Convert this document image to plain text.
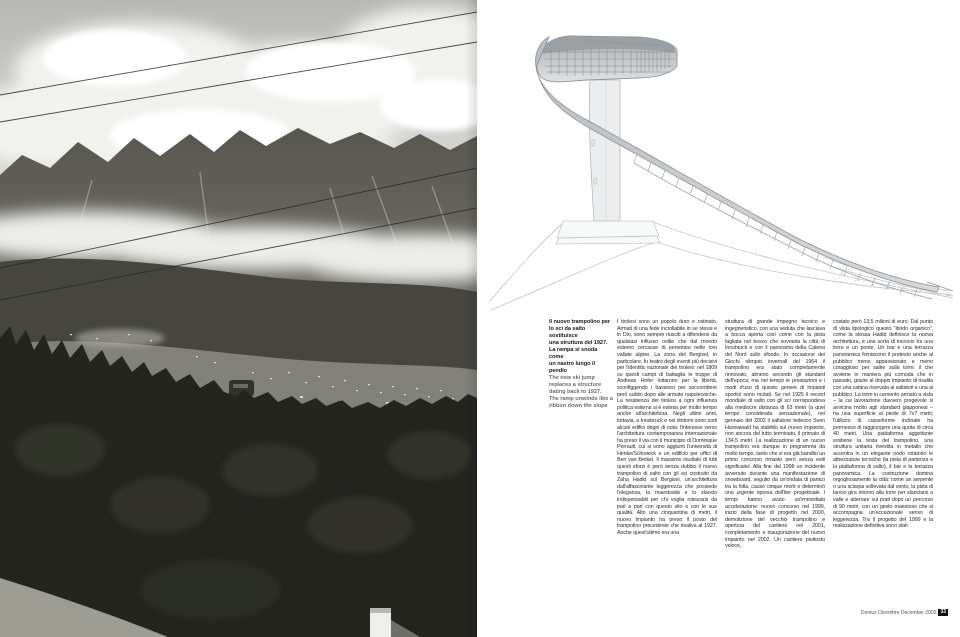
Il nuovo trampolino per
lo sci da salto sostituisce
una struttura del 1927.
La rampa si snoda come
un nastro lungo il pendio
The new ski jump
replaces a structure
dating back to 1927.
The ramp unwinds like a
ribbon down the slope
I tirolesi sono un popolo duro e ostinato. Armati di una fede incrollabile in se stessi e in Dio, sono sempre riusciti a difendersi da qualsiasi influsso ostile che dal mondo esterno cercasse di penetrare nelle loro vallate alpine. La zona del Bergisel, in particolare, fu teatro degli eventi più decisivi per l'identità nazionale dei tirolesi: nel 1809 su questi campi di battaglia le truppe di Andreas Hofer lottarono per la libertà, sconfiggendo i bavaresi per soccombere però subito dopo alle armate napoleoniche. La resistenza dei tirolesi a ogni influenza politica esterna si è estesa per molto tempo anche all'architettura. Negli ultimi anni, tuttavia, a Innsbruck e nei dintorni sono sorti alcuni edifici degni di nota: l'interesse verso l'architettura contemporanea internazionale ha preso il via con il municipio di Dominique Perrault, cui si sono aggiunti l'università di Henke/Schreieck e un edificio per uffici di Ben van Berkel. Il massimo risultato di tutti questi sforzi è però senza dubbio il nuovo trampolino di salto con gli sci costruito da Zaha Hadid sul Bergisel, un'architettura dall'affascinante leggerezza che possiede l'eleganza, la maestosità e lo slancio indispensabili per chi voglia misurarsi da pari a pari con questo sito e con le sue qualità. Alto una cinquantina di metri, il nuovo impianto ha preso il posto del trampolino precedente che risaliva al 1927. Anche quest'ultimo era una
struttura di grande impegno tecnico e ingegneristico, con una veduta che lasciava a bocca aperta così come con la pista tagliata nel bosco che sovrasta la città di Innsbruck e con il panorama della Catena del Nord sullo sfondo. In occasione dei Giochi olimpici invernali del 1964 il trampolino era stato completamente rinnovato, almeno secondo gli standard dell'epoca; ma nel tempo le prestazioni e i modi d'uso di questo genere di impianti sportivi sono mutati. Se nel 1925 il record mondiale di salto con gli sci corrispondeva alla mediocre distanza di 63 metri (a quel tempo considerata sensazionale), nel gennaio del 2002 il saltatore tedesco Sven Hannawald ha stabilito sul nuovo impianto, non ancora del tutto terminato, il primato di 134,5 metri. La realizzazione di un nuovo trampolino era dunque in programma da molto tempo, tanto che si era già bandito un primo concorso rimasto però senza esiti significativi. Alla fine del 1998 un incidente avvenuto durante una manifestazione di snowboard, seguito da un'ondata di panico tra la folla, causò cinque morti e determinò una urgente ripresa dell'iter progettuale. I tempi hanno avuto un'immediata accelerazione: nuovo concorso nel 1999, inizio della fase di progetto nel 2000, demolizione del vecchio trampolino e apertura del cantiere nel 2001, completamento e inaugurazione del nuovo impianto nel 2002. Un cantiere piuttosto veloce,
costato però 13,5 milioni di euro. Dal punto di vista tipologico questo “ibrido organico”, come la stessa Hadid definisce la nuova architettura, è una sorta di incrocio tra una torre e un ponte. Un bar e una terrazza panoramica forniscono il pretesto anche al pubblico meno appassionato e meno coraggioso per salire sulla torre: il che avviene in maniera più comoda che in passato, grazie al doppio impianto di risalita con una cabina riservata ai saltatori e una al pubblico. La torre in cemento armato a vista – la cui lavorazione davvero pregevole si avvicina molto agli standard giapponesi – ha una superficie al piede di 7x7 metri; l'utilizzo di casseforme inclinate ha permesso di raggiungere una quota di circa 40 metri. Una piattaforma aggettante sostiene la testa del trampolino, una struttura unitaria rivestita in metallo che accentra in un elegante nodo rotatorio le attrezzature tecniche (la pista di partenza e la piattaforma di salto), il bar e la terrazza panoramica. La costruzione domina orgogliosamente la città: come un serpente o una sciarpa sollevata dal vento, la pista di lancio gira intorno alla torre per slanciarsi a valle e atterrare sui prati dopo un percorso di 90 metri, con un gesto maestoso che si accompagna un'eccezionale senso di leggerezza. Tra il progetto del 1999 e la realizzazione definitiva sono stati
Domus Dicembre December 2002 33
